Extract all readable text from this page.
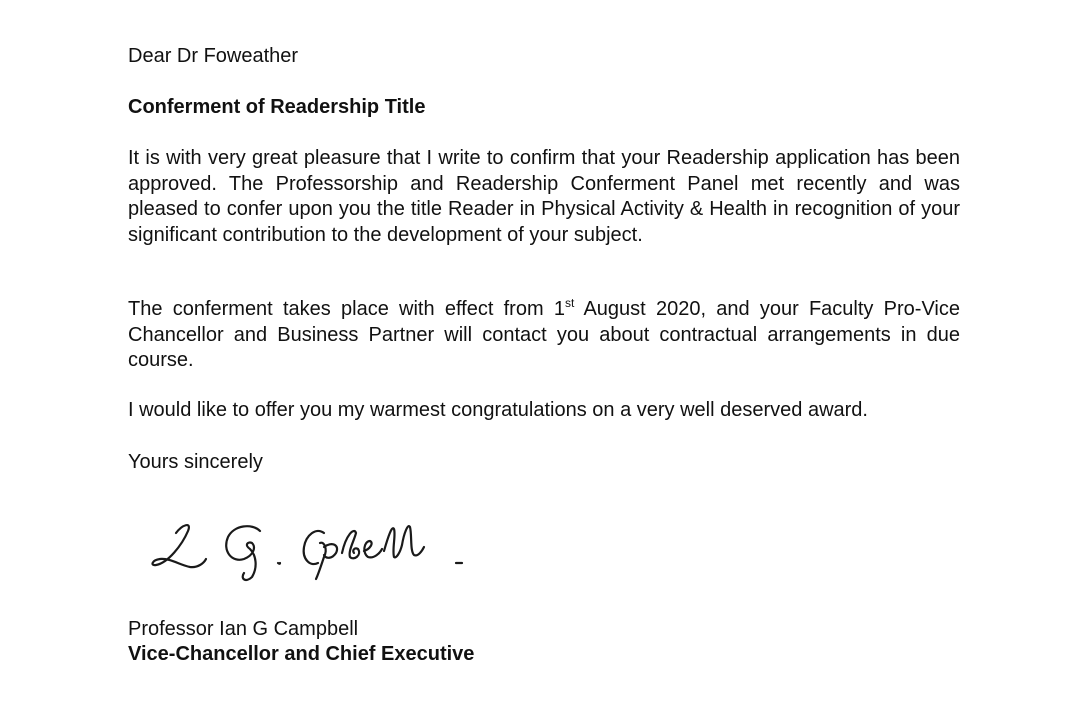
Dear Dr Foweather
Conferment of Readership Title

It is with very great pleasure that I write to confirm that your Readership application has been approved. The Professorship and Readership Conferment Panel met recently and was pleased to confer upon you the title Reader in Physical Activity & Health in recognition of your significant contribution to the development of your subject.

The conferment takes place with effect from 1st August 2020, and your Faculty Pro-Vice Chancellor and Business Partner will contact you about contractual arrangements in due course.

I would like to offer you my warmest congratulations on a very well deserved award.

Yours sincerely
Professor Ian G Campbell
Vice-Chancellor and Chief Executive
